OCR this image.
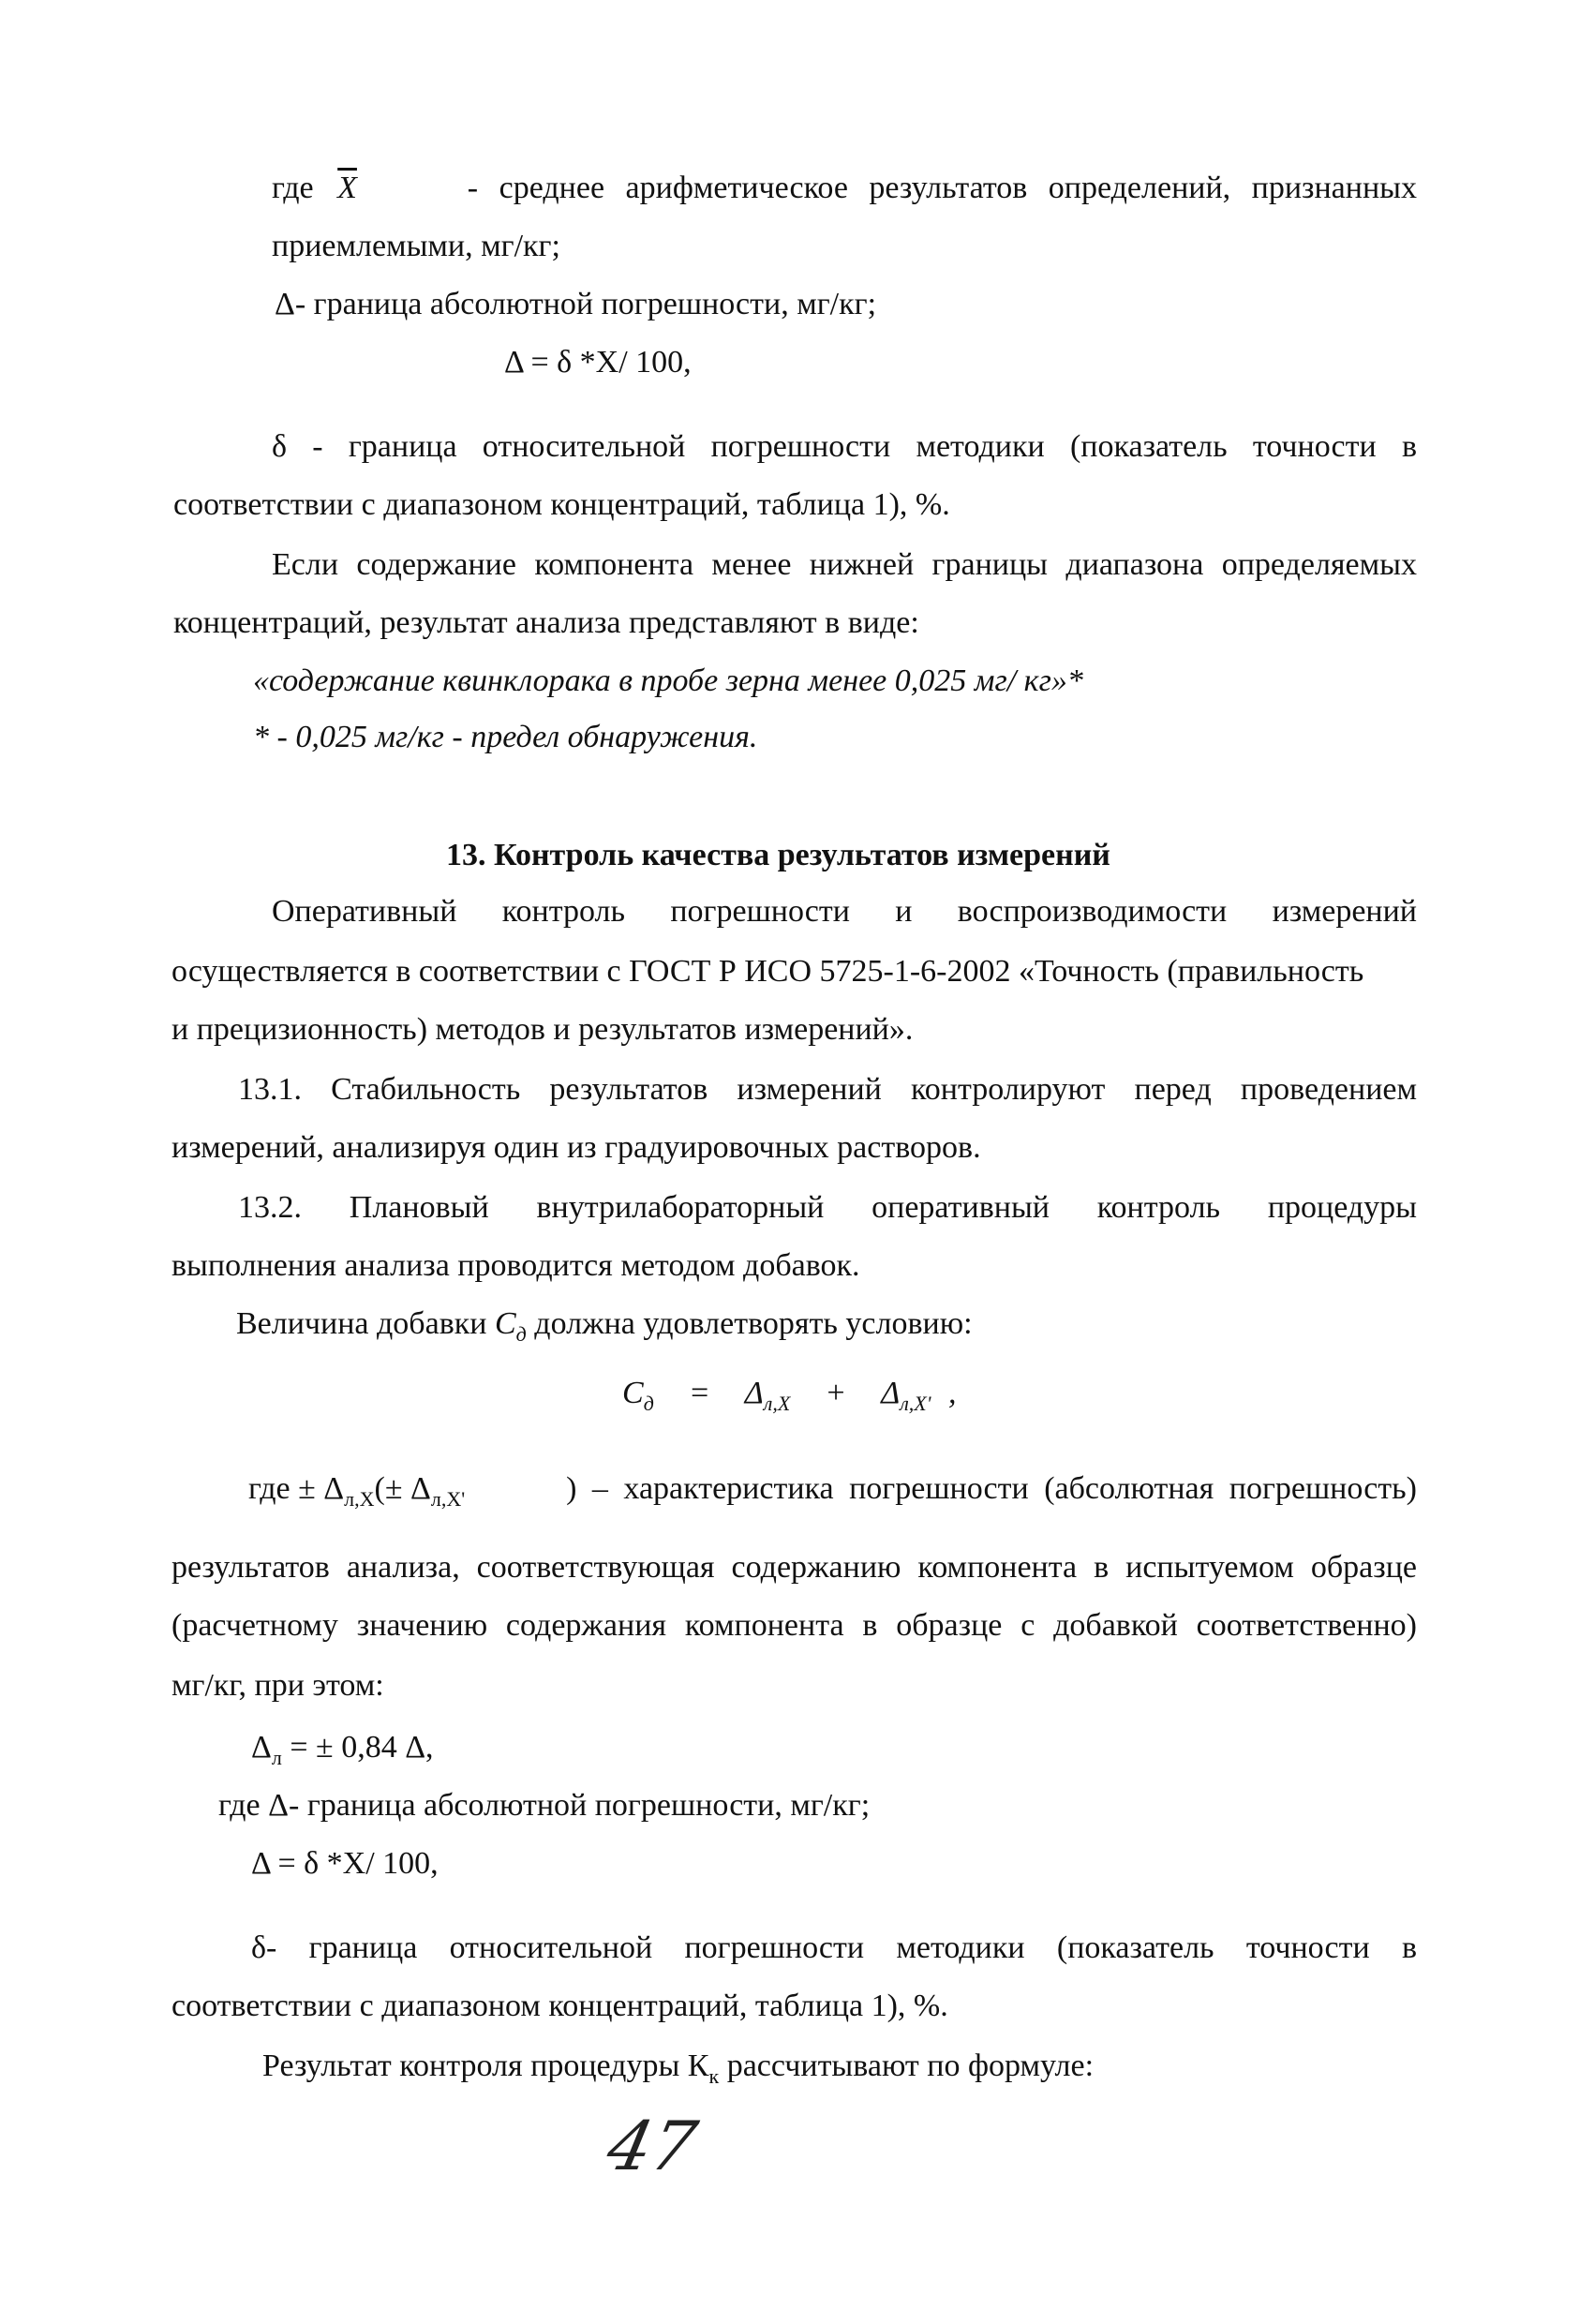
где $\overline{X}$	- среднее арифметическое результатов определений, признанных
приемлемыми, мг/кг;
Δ- граница абсолютной погрешности, мг/кг;
Δ = δ *X/ 100,
δ - граница относительной погрешности методики (показатель точности в
соответствии с диапазоном концентраций, таблица 1), %.
Если содержание компонента менее нижней границы диапазона определяемых
концентраций, результат анализа представляют в виде:
«содержание квинклорака в пробе зерна менее 0,025 мг/ кг»*
* - 0,025 мг/кг - предел обнаружения.
13. Контроль качества результатов измерений
Оперативный контроль погрешности и воспроизводимости измерений
осуществляется в соответствии с ГОСТ Р ИСО 5725-1-6-2002 «Точность (правильность
и прецизионность) методов и результатов измерений».
13.1. Стабильность результатов измерений контролируют перед проведением
измерений, анализируя один из градуировочных растворов.
13.2. Плановый внутрилабораторный оперативный контроль процедуры
выполнения анализа проводится методом добавок.
Величина добавки $C_д$ должна удовлетворять условию:
$C_д = \Delta_{л,X} + \Delta_{л,X'}$ ,
где ± $\Delta_{л,X}(\pm \Delta_{л,X'}$	) – характеристика погрешности (абсолютная погрешность)
результатов анализа, соответствующая содержанию компонента в испытуемом образце
(расчетному значению содержания компонента в образце с добавкой соответственно)
мг/кг, при этом:
$\Delta_л$ = ± 0,84 Δ,
где Δ- граница абсолютной погрешности, мг/кг;
Δ = δ *X/ 100,
δ- граница относительной погрешности методики (показатель точности в
соответствии с диапазоном концентраций, таблица 1), %.
Результат контроля процедуры $К_к$ рассчитывают по формуле:
47
